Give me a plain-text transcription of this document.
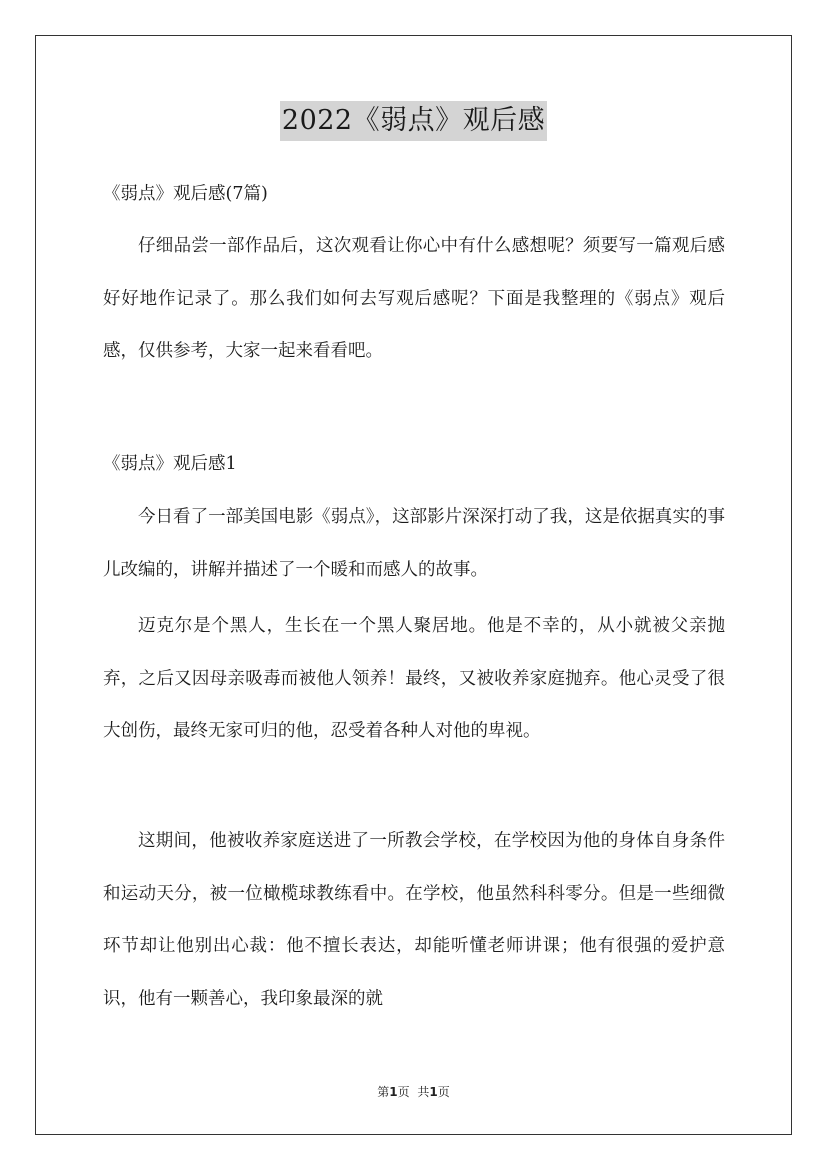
2022《弱点》观后感

《弱点》观后感(7篇)

仔细品尝一部作品后，这次观看让你心中有什么感想呢？须要写一篇观后感好好地作记录了。那么我们如何去写观后感呢？下面是我整理的《弱点》观后感，仅供参考，大家一起来看看吧。

《弱点》观后感1

今日看了一部美国电影《弱点》，这部影片深深打动了我，这是依据真实的事儿改编的，讲解并描述了一个暖和而感人的故事。

迈克尔是个黑人，生长在一个黑人聚居地。他是不幸的，从小就被父亲抛弃，之后又因母亲吸毒而被他人领养！最终，又被收养家庭抛弃。他心灵受了很大创伤，最终无家可归的他，忍受着各种人对他的卑视。

这期间，他被收养家庭送进了一所教会学校，在学校因为他的身体自身条件和运动天分，被一位橄榄球教练看中。在学校，他虽然科科零分。但是一些细微环节却让他别出心裁：他不擅长表达，却能听懂老师讲课；他有很强的爱护意识，他有一颗善心，我印象最深的就

第1页 共1页
